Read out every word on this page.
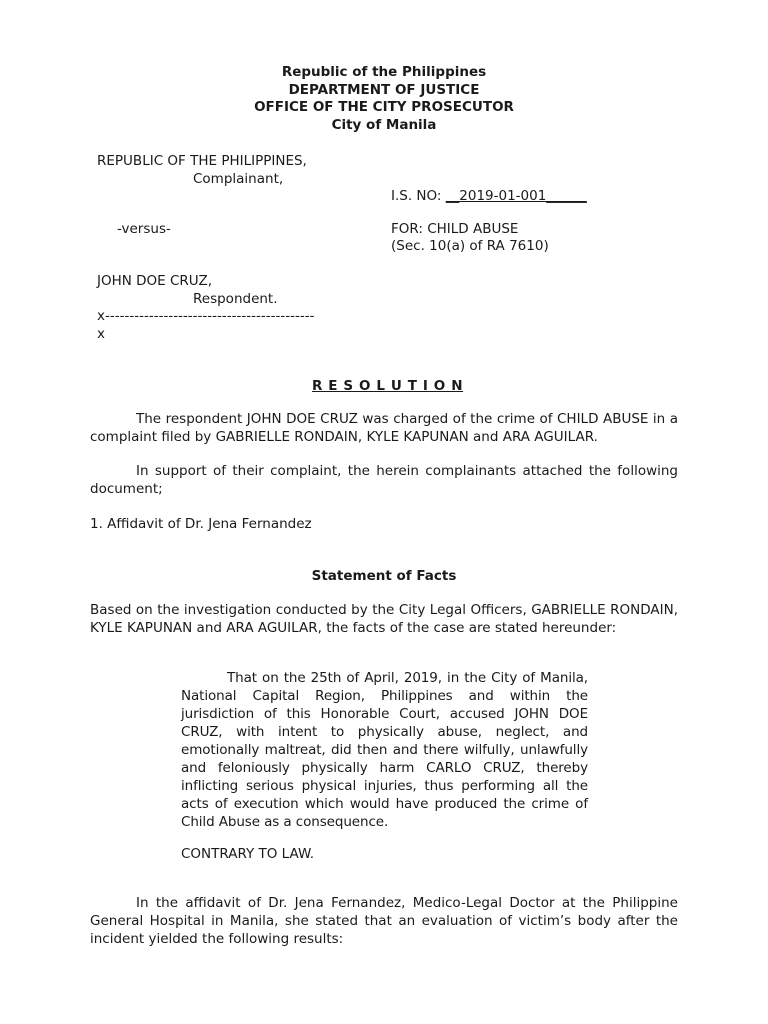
Republic of the Philippines
DEPARTMENT OF JUSTICE
OFFICE OF THE CITY PROSECUTOR
City of Manila
REPUBLIC OF THE PHILIPPINES,
Complainant,
I.S. NO: __2019-01-001______
-versus-	FOR: CHILD ABUSE
(Sec. 10(a) of RA 7610)
JOHN DOE CRUZ,
Respondent.
x-------------------------------------------
x
R E S O L U T I O N
The respondent JOHN DOE CRUZ was charged of the crime of CHILD ABUSE in a complaint filed by GABRIELLE RONDAIN, KYLE KAPUNAN and ARA AGUILAR.
In support of their complaint, the herein complainants attached the following document;
1. Affidavit of Dr. Jena Fernandez
Statement of Facts
Based on the investigation conducted by the City Legal Officers, GABRIELLE RONDAIN, KYLE KAPUNAN and ARA AGUILAR, the facts of the case are stated hereunder:
That on the 25th of April, 2019, in the City of Manila, National Capital Region, Philippines and within the jurisdiction of this Honorable Court, accused JOHN DOE CRUZ, with intent to physically abuse, neglect, and emotionally maltreat, did then and there wilfully, unlawfully and feloniously physically harm CARLO CRUZ, thereby inflicting serious physical injuries, thus performing all the acts of execution which would have produced the crime of Child Abuse as a consequence.
CONTRARY TO LAW.
In the affidavit of Dr. Jena Fernandez, Medico-Legal Doctor at the Philippine General Hospital in Manila, she stated that an evaluation of victim’s body after the incident yielded the following results:
